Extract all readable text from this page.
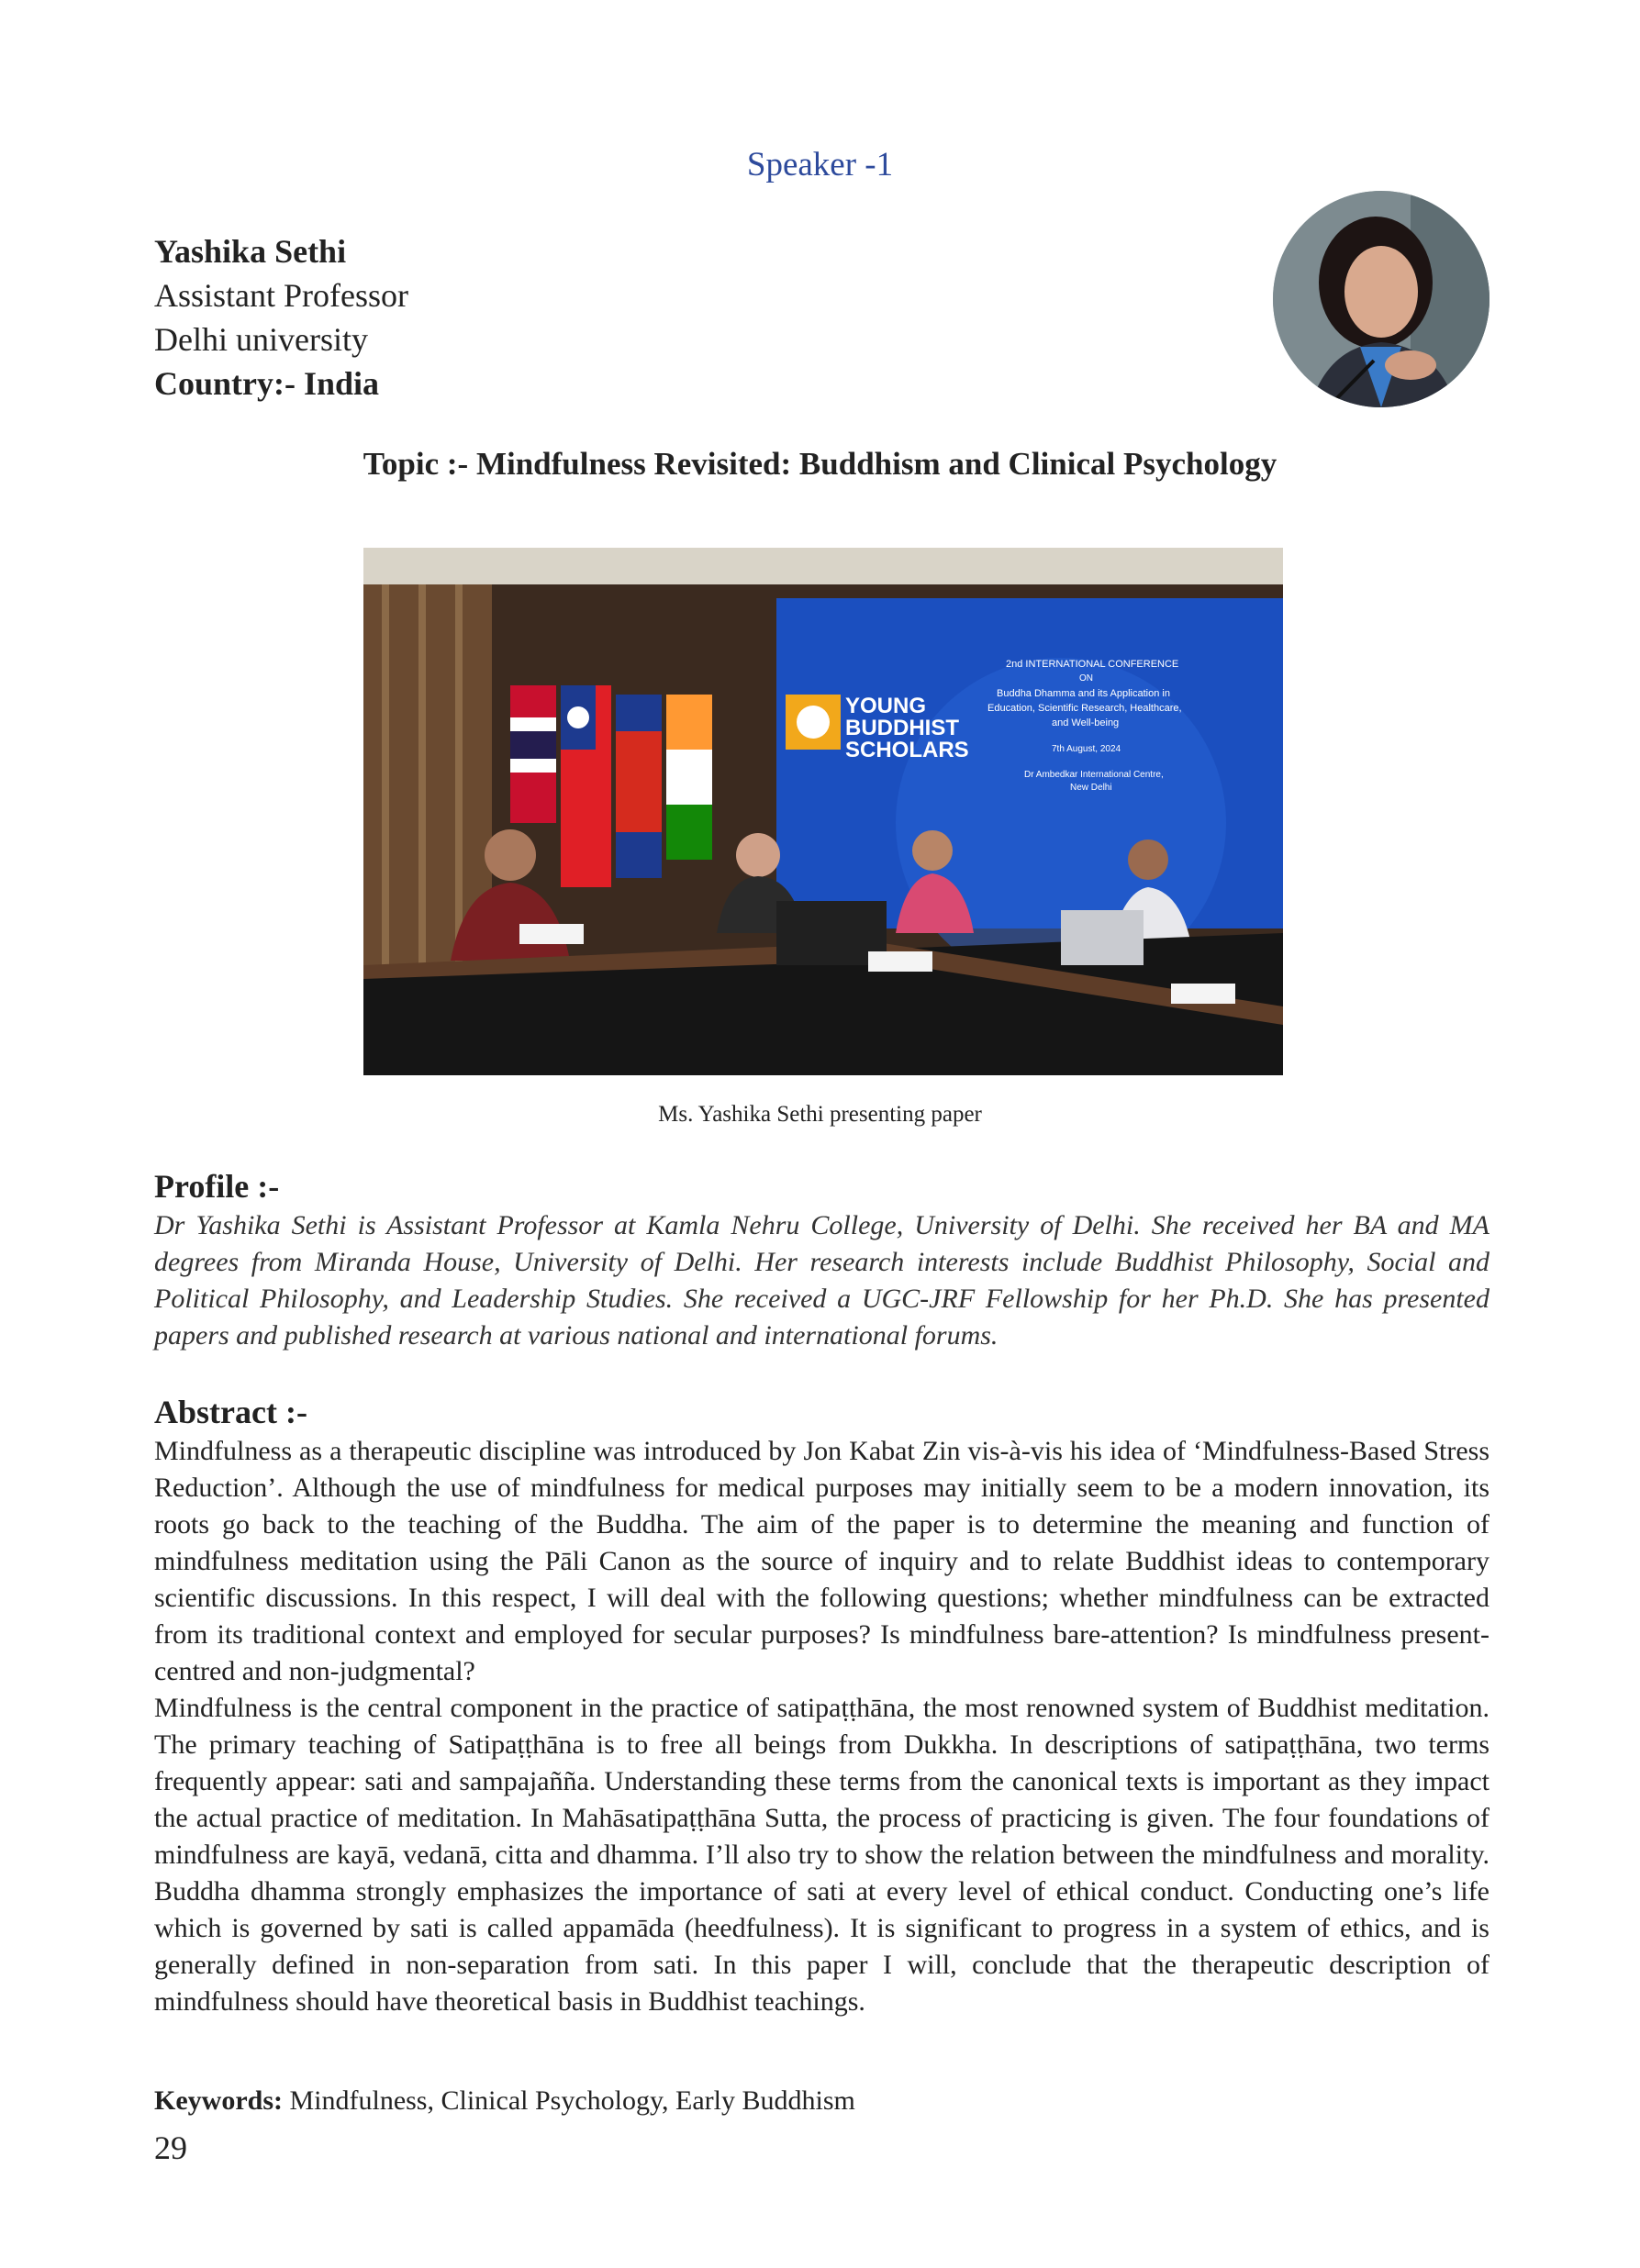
Speaker -1
Yashika Sethi
Assistant Professor
Delhi university
Country:- India
Topic :- Mindfulness Revisited: Buddhism and Clinical Psychology
YOUNG
BUDDHIST
SCHOLARS
2nd INTERNATIONAL CONFERENCE
ON
Buddha Dhamma and its Application in
Education, Scientific Research, Healthcare,
and Well-being
7th August, 2024
Dr Ambedkar International Centre,
New Delhi
Ms. Yashika Sethi presenting paper
Profile :-
Dr Yashika Sethi is Assistant Professor at Kamla Nehru College, University of Delhi. She received her BA and MA degrees from Miranda House, University of Delhi. Her research interests include Buddhist Philosophy, Social and Political Philosophy, and Leadership Studies. She received a UGC-JRF Fellowship for her Ph.D. She has presented papers and published research at various national and international forums.
Abstract :-

Mindfulness as a therapeutic discipline was introduced by Jon Kabat Zin vis-à-vis his idea of ‘Mindfulness-Based Stress Reduction’. Although the use of mindfulness for medical purposes may initially seem to be a modern innovation, its roots go back to the teaching of the Buddha. The aim of the paper is to determine the meaning and function of mindfulness meditation using the Pāli Canon as the source of inquiry and to relate Buddhist ideas to contemporary scientific discussions. In this respect, I will deal with the following questions; whether mindfulness can be extracted from its traditional context and employed for secular purposes? Is mindfulness bare-attention? Is mindfulness present-centred and non-judgmental?

Mindfulness is the central component in the practice of satipaṭṭhāna, the most renowned system of Buddhist meditation. The primary teaching of Satipaṭṭhāna is to free all beings from Dukkha. In descriptions of satipaṭṭhāna, two terms frequently appear: sati and sampajañña. Understanding these terms from the canonical texts is important as they impact the actual practice of meditation. In Mahāsatipaṭṭhāna Sutta, the process of practicing is given. The four foundations of mindfulness are kayā, vedanā, citta and dhamma. I’ll also try to show the relation between the mindfulness and morality. Buddha dhamma strongly emphasizes the importance of sati at every level of ethical conduct. Conducting one’s life which is governed by sati is called appamāda (heedfulness). It is significant to progress in a system of ethics, and is generally defined in non-separation from sati. In this paper I will, conclude that the therapeutic description of mindfulness should have theoretical basis in Buddhist teachings.

Keywords: Mindfulness, Clinical Psychology, Early Buddhism
29
